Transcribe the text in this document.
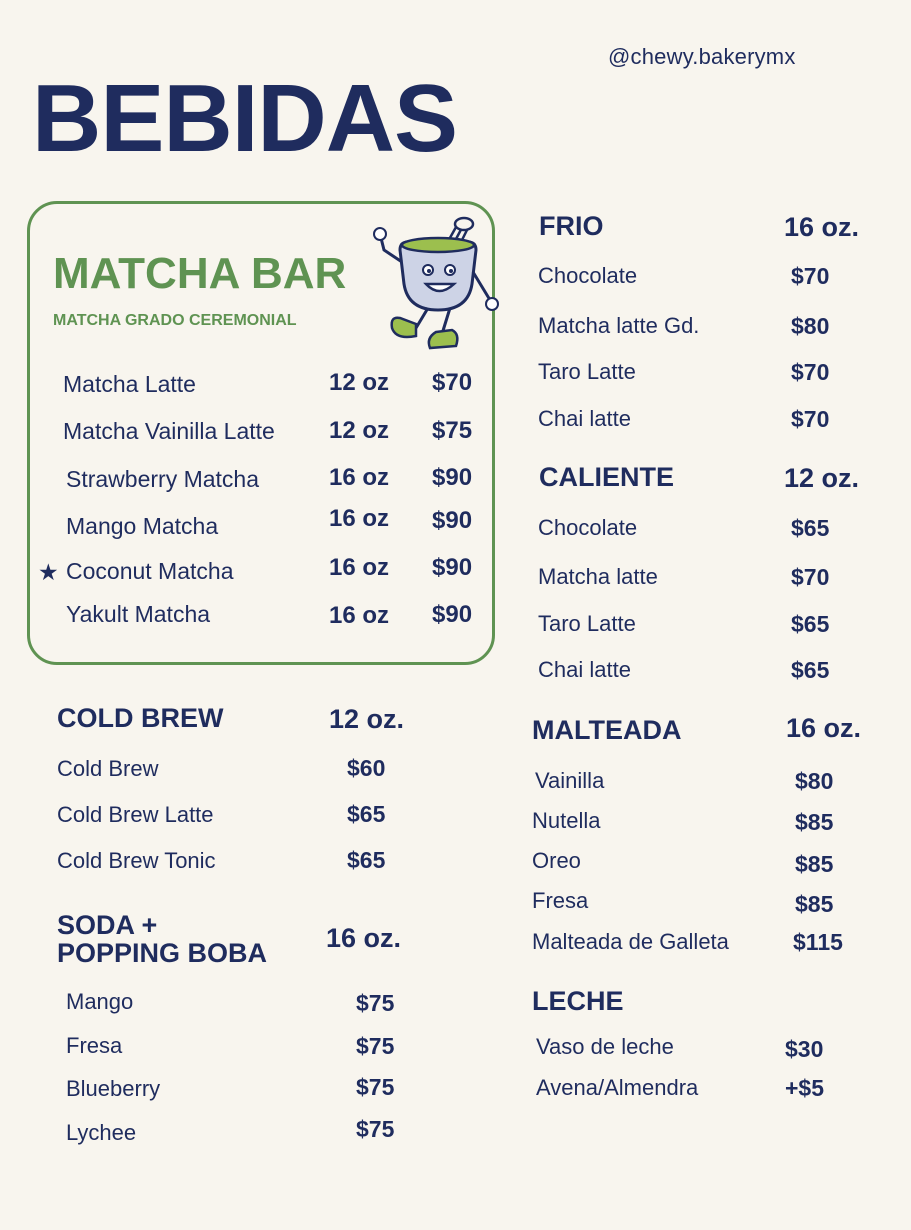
@chewy.bakerymx
BEBIDAS
MATCHA BAR
MATCHA GRADO CEREMONIAL
Matcha Latte	12 oz $70
Matcha Vainilla Latte 12 oz $75
Strawberry Matcha	16 oz $90
Mango Matcha	16 oz $90
★ Coconut Matcha	16 oz $90
Yakult Matcha	16 oz $90
COLD BREW	12 oz.
Cold Brew	$60
Cold Brew Latte	$65
Cold Brew Tonic	$65
SODA +
POPPING BOBA 16 oz.
Mango	$75
Fresa	$75
Blueberry	$75
Lychee	$75
FRIO	16 oz.
Chocolate	$70
Matcha latte Gd.	$80
Taro Latte	$70
Chai latte	$70
CALIENTE	12 oz.
Chocolate	$65
Matcha latte	$70
Taro Latte	$65
Chai latte	$65
MALTEADA	16 oz.
Vainilla	$80
Nutella	$85
Oreo	$85
Fresa	$85
Malteada de Galleta	$115
LECHE
Vaso de leche	$30
Avena/Almendra	+$5
